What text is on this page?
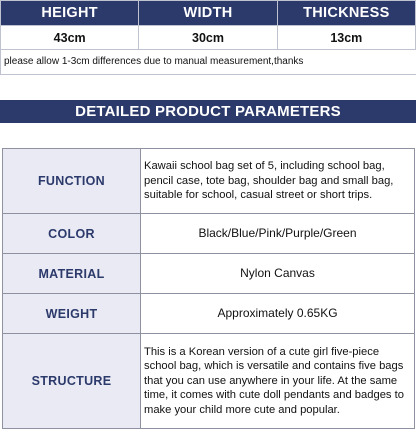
HEIGHT	WIDTH	THICKNESS
43cm	30cm	13cm
please allow 1-3cm differences due to manual measurement,thanks
DETAILED PRODUCT PARAMETERS
FUNCTION	Kawaii school bag set of 5, including school bag, pencil case, tote bag, shoulder bag and small bag, suitable for school, casual street or short trips.
COLOR	Black/Blue/Pink/Purple/Green
MATERIAL	Nylon Canvas
WEIGHT	Approximately 0.65KG
STRUCTURE	This is a Korean version of a cute girl five-piece school bag, which is versatile and contains five bags that you can use anywhere in your life. At the same time, it comes with cute doll pendants and badges to make your child more cute and popular.
